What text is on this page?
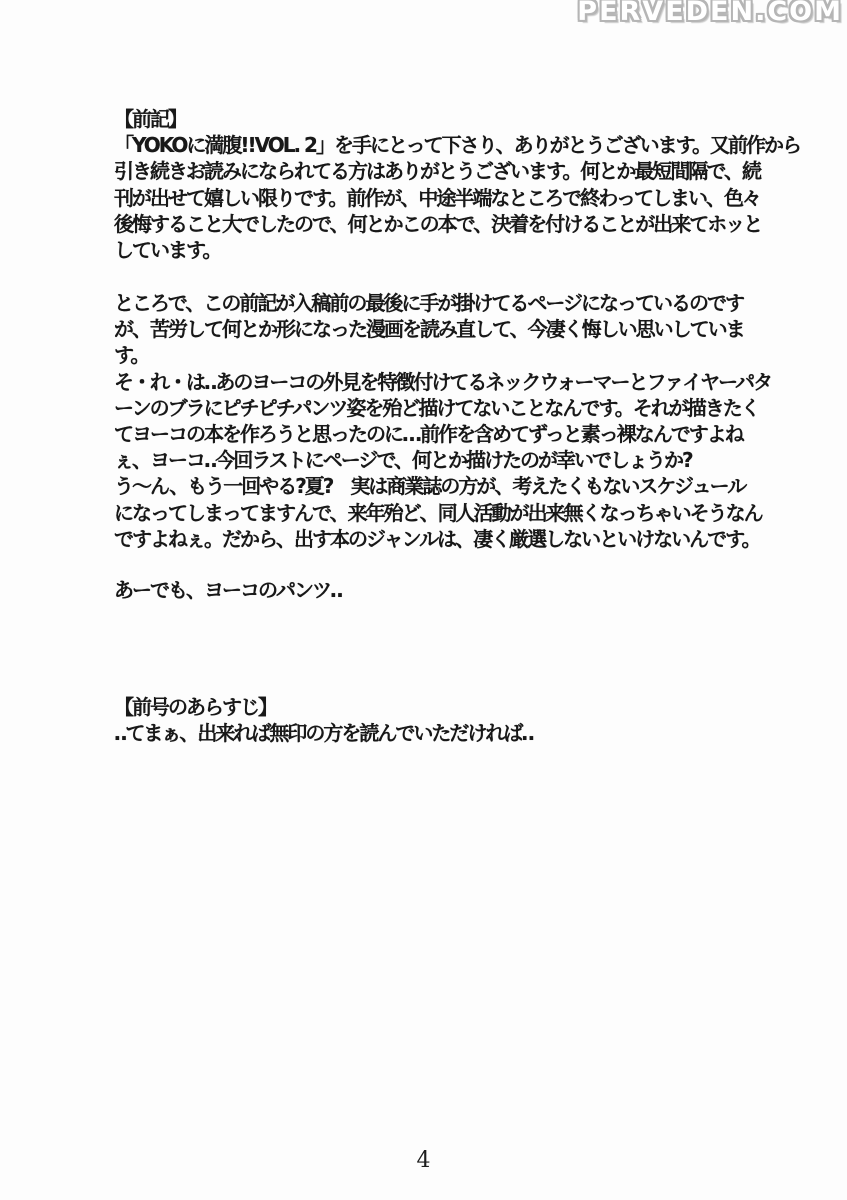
PERVEDEN.COM
【前記】
「YOKOに満腹!!VOL. 2」を手にとって下さり、ありがとうございます。又前作から
引き続きお読みになられてる方はありがとうございます。何とか最短間隔で、続
刊が出せて嬉しい限りです。前作が、中途半端なところで終わってしまい、色々
後悔すること大でしたので、何とかこの本で、決着を付けることが出来てホッと
しています。
ところで、この前記が入稿前の最後に手が掛けてるページになっているのです
が、苦労して何とか形になった漫画を読み直して、今凄く悔しい思いしていま
す。
そ・れ・は‥あのヨーコの外見を特徴付けてるネックウォーマーとファイヤーパタ
ーンのブラにピチピチパンツ姿を殆ど描けてないことなんです。それが描きたく
てヨーコの本を作ろうと思ったのに…前作を含めてずっと素っ裸なんですよね
ぇ、ヨーコ‥今回ラストにページで、何とか描けたのが幸いでしょうか?
う〜ん、もう一回やる?夏?　実は商業誌の方が、考えたくもないスケジュール
になってしまってますんで、来年殆ど、同人活動が出来無くなっちゃいそうなん
ですよねぇ。だから、出す本のジャンルは、凄く厳選しないといけないんです。
あーでも、ヨーコのパンツ‥
【前号のあらすじ】
‥てまぁ、出来れば無印の方を読んでいただければ‥
4
